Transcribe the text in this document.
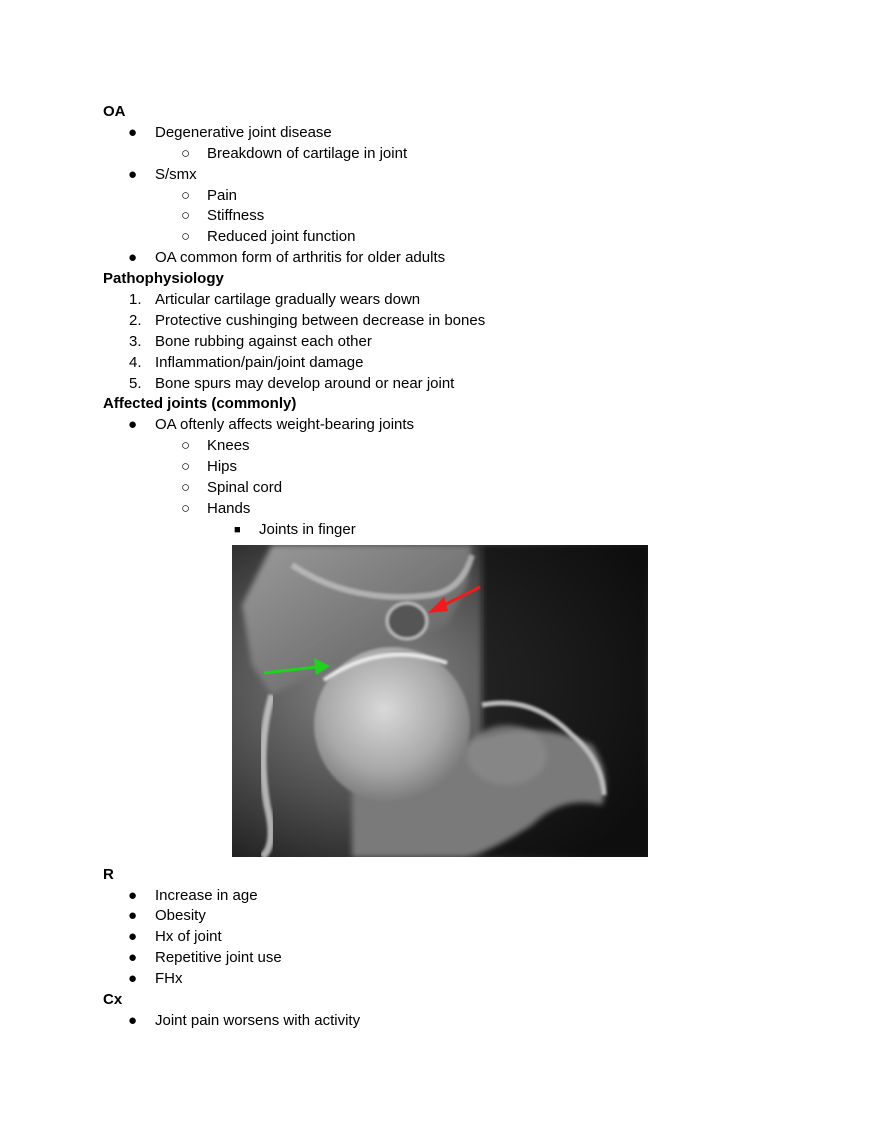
OA
● Degenerative joint disease
○ Breakdown of cartilage in joint
● S/smx
○ Pain
○ Stiffness
○ Reduced joint function
● OA common form of arthritis for older adults
Pathophysiology
1. Articular cartilage gradually wears down
2. Protective cushinging between decrease in bones
3. Bone rubbing against each other
4. Inflammation/pain/joint damage
5. Bone spurs may develop around or near joint
Affected joints (commonly)
● OA oftenly affects weight-bearing joints
○ Knees
○ Hips
○ Spinal cord
○ Hands
■ Joints in finger
R
● Increase in age
● Obesity
● Hx of joint
● Repetitive joint use
● FHx
Cx
● Joint pain worsens with activity
